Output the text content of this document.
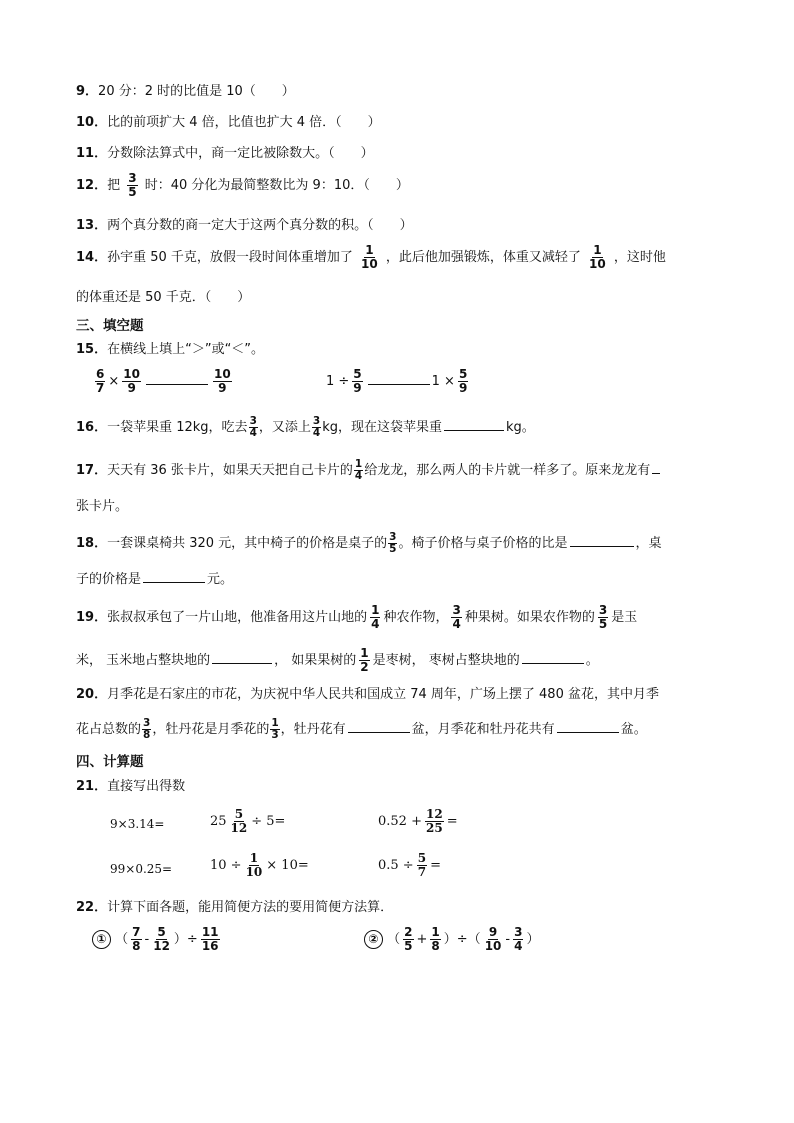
9．20 分：2 时的比值是 10（　　）
10．比的前项扩大 4 倍，比值也扩大 4 倍．（　　）
11．分数除法算式中，商一定比被除数大。（　　）
12．把 $\frac{3}{5}$ 时：40 分化为最简整数比为 9：10．（　　）
13．两个真分数的商一定大于这两个真分数的积。（　　）
14．孙宇重 50 千克，放假一段时间体重增加了 $\frac{1}{10}$ ，此后他加强锻炼，体重又减轻了 $\frac{1}{10}$ ，这时他
的体重还是 50 千克．（　　）
三、填空题
15．在横线上填上“＞”或“＜”。
$\frac{6}{7} \times \frac{10}{9}$	$\frac{10}{9}$	$1 \div \frac{5}{9}$	$1 \times \frac{5}{9}$
16．一袋苹果重 12kg，吃去 $\frac{3}{4}$ ，又添上 $\frac{3}{4}$ kg，现在这袋苹果重	kg。
17．天天有 36 张卡片，如果天天把自己卡片的 $\frac{1}{4}$ 给龙龙，那么两人的卡片就一样多了。原来龙龙有
张卡片。
18．一套课桌椅共 320 元，其中椅子的价格是桌子的 $\frac{3}{5}$ 。椅子价格与桌子价格的比是	，桌
子的价格是	元。
19．张叔叔承包了一片山地，他准备用这片山地的 $\frac{1}{4}$ 种农作物， $\frac{3}{4}$ 种果树。如果农作物的 $\frac{3}{5}$ 是玉
米， 玉米地占整块地的	， 如果果树的 $\frac{1}{2}$ 是枣树， 枣树占整块地的	。
20．月季花是石家庄的市花，为庆祝中华人民共和国成立 74 周年，广场上摆了 480 盆花，其中月季
花占总数的 $\frac{3}{8}$ ，牡丹花是月季花的 $\frac{1}{3}$ ，牡丹花有	盆，月季花和牡丹花共有	盆。
四、计算题
21．直接写出得数
9×3.14=	$25 \frac{5}{12} \div 5=$	$0.52 + \frac{12}{25}$ =
99×0.25=	$10 \div \frac{1}{10} \times 10=$	$0.5 \div \frac{5}{7}$ =
22．计算下面各题，能用简便方法的要用简便方法算．
① （ $\frac{7}{8} - \frac{5}{12}$ ）÷ $\frac{11}{16}$	② （ $\frac{2}{5} + \frac{1}{8}$ ）÷（ $\frac{9}{10} - \frac{3}{4}$ ）
